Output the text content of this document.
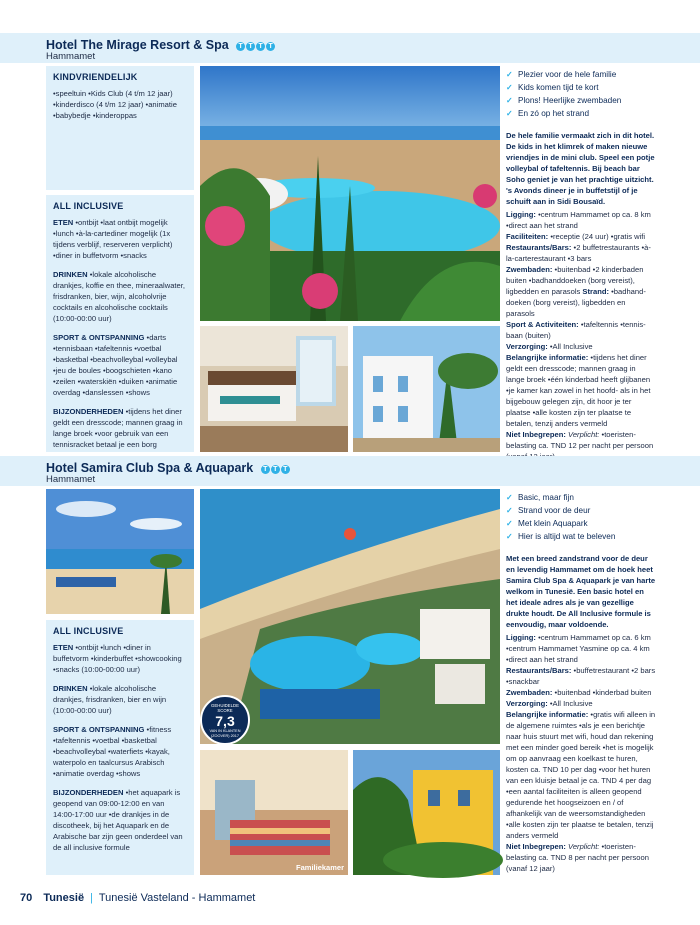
Hotel The Mirage Resort & Spa	T T T T
Hammamet
KINDVRIENDELIJK

•speeltuin •Kids Club (4 t/m 12 jaar) •kinderdisco (4 t/m 12 jaar) •animatie •babybedje •kinderoppas

ALL INCLUSIVE

ETEN •ontbijt •laat ontbijt mogelijk •lunch •à-la-cartediner mogelijk (1x tijdens verblijf, reserveren verplicht) •diner in buffetvorm •snacks

DRINKEN •lokale alcoholische drankjes, koffie en thee, mineraalwater, frisdranken, bier, wijn, alcoholvrije cocktails en alcoholische cocktails (10:00-00:00 uur)

SPORT & ONTSPANNING •darts •tennisbaan •tafeltennis •voetbal •basketbal •beachvolleybal •volleybal •jeu de boules •boogschieten •kano •zeilen •waterskiën •duiken •animatie overdag •danslessen •shows

BIJZONDERHEDEN •tijdens het diner geldt een dresscode; mannen graag in lange broek •voor gebruik van een tennisracket betaal je een borg

✓ Plezier voor de hele familie
✓ Kids komen tijd te kort
✓ Plons! Heerlijke zwembaden
✓ En zó op het strand

De hele familie vermaakt zich in dit hotel. De kids in het klimrek of maken nieuwe vriendjes in de mini club. Speel een potje volleybal of tafeltennis. Bij beach bar Soho geniet je van het prachtige uitzicht. 's Avonds dineer je in buffetstijl of je schuift aan in Sidi Bousaïd.

Ligging: •centrum Hammamet op ca. 8 km •direct aan het strand

Faciliteiten: •receptie (24 uur) •gratis wifi

Restaurants/Bars: •2 buffetrestaurants •à-la-carterestaurant •3 bars

Zwembaden: •buitenbad •2 kinderbaden buiten •badhanddoeken (borg vereist), ligbedden en parasols Strand: •badhanddoeken (borg vereist), ligbedden en parasols

Sport & Activiteiten: •tafeltennis •tennisbaan (buiten)

Verzorging: •All Inclusive

Belangrijke informatie: •tijdens het diner geldt een dresscode; mannen graag in lange broek •één kinderbad heeft glijbanen •je kamer kan zowel in het hoofd- als in het bijgebouw gelegen zijn, dit hoor je ter plaatse •alle kosten zijn ter plaatse te betalen, tenzij anders vermeld

Niet Inbegrepen: Verplicht: •toeristenbelasting ca. TND 12 per nacht per persoon

Hotel Samira Club Spa & Aquapark	T T T
Hammamet
ALL INCLUSIVE

ETEN •ontbijt •lunch •diner in buffetvorm •kinderbuffet •showcooking •snacks (10:00-00:00 uur)

DRINKEN •lokale alcoholische drankjes, frisdranken, bier en wijn (10:00-00:00 uur)

SPORT & ONTSPANNING •fitness •tafeltennis •voetbal •basketbal •beachvolleybal •waterfiets •kayak, waterpolo en taalcursus Arabisch •animatie overdag •shows

BIJZONDERHEDEN •het aquapark is geopend van 09:00-12:00 en van 14:00-17:00 uur •de drankjes in de discotheek, bij het Aquapark en de Arabische bar zijn geen onderdeel van de all inclusive formule

GEHUIDELDE SCORE
7,3
VAN IN KLANTEN (ZOOVER) 2017
Familiekamer
✓ Basic, maar fijn
✓ Strand voor de deur
✓ Met klein Aquapark
✓ Hier is altijd wat te beleven

Met een breed zandstrand voor de deur en levendig Hammamet om de hoek heet Samira Club Spa & Aquapark je van harte welkom in Tunesië. Een basic hotel en het ideale adres als je van gezellige drukte houdt. De All Inclusive formule is eenvoudig, maar voldoende.

Ligging: •centrum Hammamet op ca. 6 km •centrum Hammamet Yasmine op ca. 4 km •direct aan het strand

Restaurants/Bars: •buffetrestaurant •2 bars •snackbar

Zwembaden: •buitenbad •kinderbad buiten

Verzorging: •All Inclusive

Belangrijke informatie: •gratis wifi alleen in de algemene ruimtes •als je een berichtje naar huis stuurt met wifi, houd dan rekening met een minder goed bereik •het is mogelijk om op aanvraag een koelkast te huren, kosten ca. TND 10 per dag •voor het huren van een kluisje betaal je ca. TND 4 per dag •een aantal faciliteiten is alleen geopend gedurende het hoogseizoen en / of afhankelijk van de weersomstandigheden •alle kosten zijn ter plaatse te betalen, tenzij anders vermeld

Niet Inbegrepen: Verplicht: •toeristenbelasting ca. TND 8 per nacht per persoon (vanaf 12 jaar)

70 Tunesië | Tunesië Vasteland - Hammamet
